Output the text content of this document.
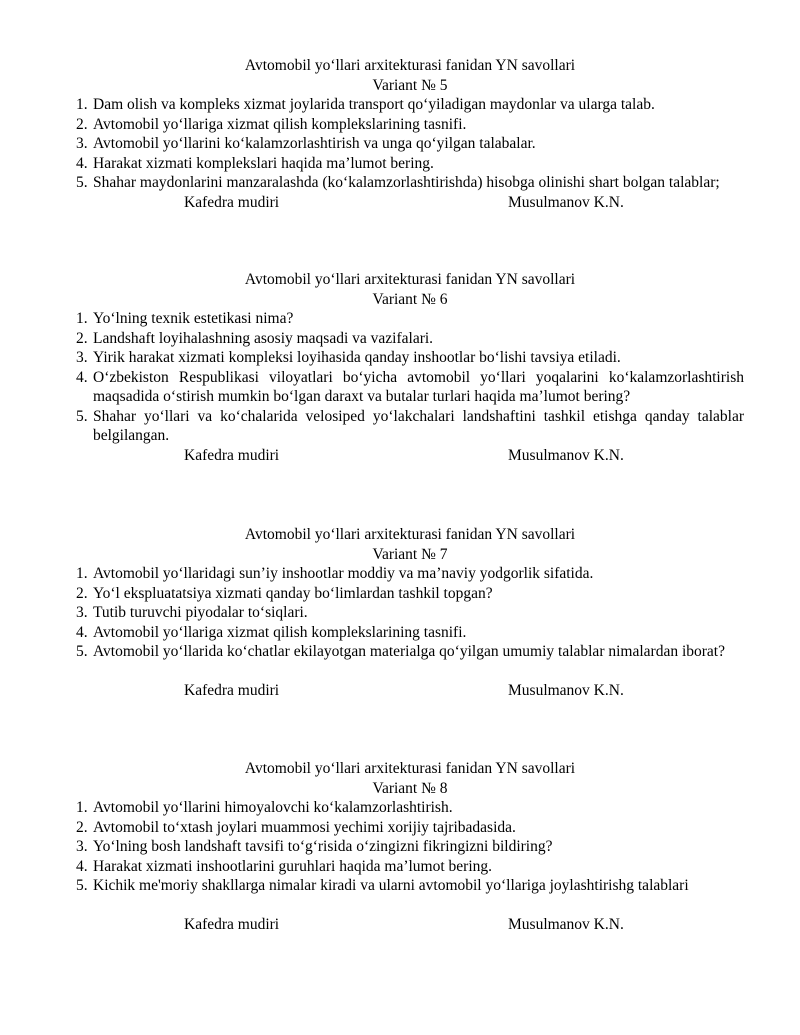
Avtomobil yo‘llari arxitekturasi fanidan YN savollari

Variant № 5

1. Dam olish va kompleks xizmat joylarida transport qo‘yiladigan maydonlar va ularga talab.
2. Avtomobil yo‘llariga xizmat qilish komplekslarining tasnifi.
3. Avtomobil yo‘llarini ko‘kalamzorlashtirish va unga qo‘yilgan talabalar.
4. Harakat xizmati komplekslari haqida ma’lumot bering.
5. Shahar maydonlarini manzaralashda (ko‘kalamzorlashtirishda) hisobga olinishi shart bolgan talablar;
Kafedra mudiri	Musulmanov K.N.

Avtomobil yo‘llari arxitekturasi fanidan YN savollari

Variant № 6

1. Yo‘lning texnik estetikasi nima?
2. Landshaft loyihalashning asosiy maqsadi va vazifalari.
3. Yirik harakat xizmati kompleksi loyihasida qanday inshootlar bo‘lishi tavsiya etiladi.
4. O‘zbekiston Respublikasi viloyatlari bo‘yicha avtomobil yo‘llari yoqalarini ko‘kalamzorlashtirish maqsadida o‘stirish mumkin bo‘lgan daraxt va butalar turlari haqida ma’lumot bering?
5. Shahar yo‘llari va ko‘chalarida velosiped yo‘lakchalari landshaftini tashkil etishga qanday talablar belgilangan.
Kafedra mudiri	Musulmanov K.N.

Avtomobil yo‘llari arxitekturasi fanidan YN savollari

Variant № 7

1. Avtomobil yo‘llaridagi sun’iy inshootlar moddiy va ma’naviy yodgorlik sifatida.
2. Yo‘l ekspluatatsiya xizmati qanday bo‘limlardan tashkil topgan?
3. Tutib turuvchi piyodalar to‘siqlari.
4. Avtomobil yo‘llariga xizmat qilish komplekslarining tasnifi.
5. Avtomobil yo‘llarida ko‘chatlar ekilayotgan materialga qo‘yilgan umumiy talablar nimalardan iborat?
Kafedra mudiri	Musulmanov K.N.

Avtomobil yo‘llari arxitekturasi fanidan YN savollari

Variant № 8

1. Avtomobil yo‘llarini himoyalovchi ko‘kalamzorlashtirish.
2. Avtomobil to‘xtash joylari muammosi yechimi xorijiy tajribadasida.
3. Yo‘lning bosh landshaft tavsifi to‘g‘risida o‘zingizni fikringizni bildiring?
4. Harakat xizmati inshootlarini guruhlari haqida ma’lumot bering.
5. Kichik me'moriy shakllarga nimalar kiradi va ularni avtomobil yo‘llariga joylashtirishg talablari
Kafedra mudiri	Musulmanov K.N.
